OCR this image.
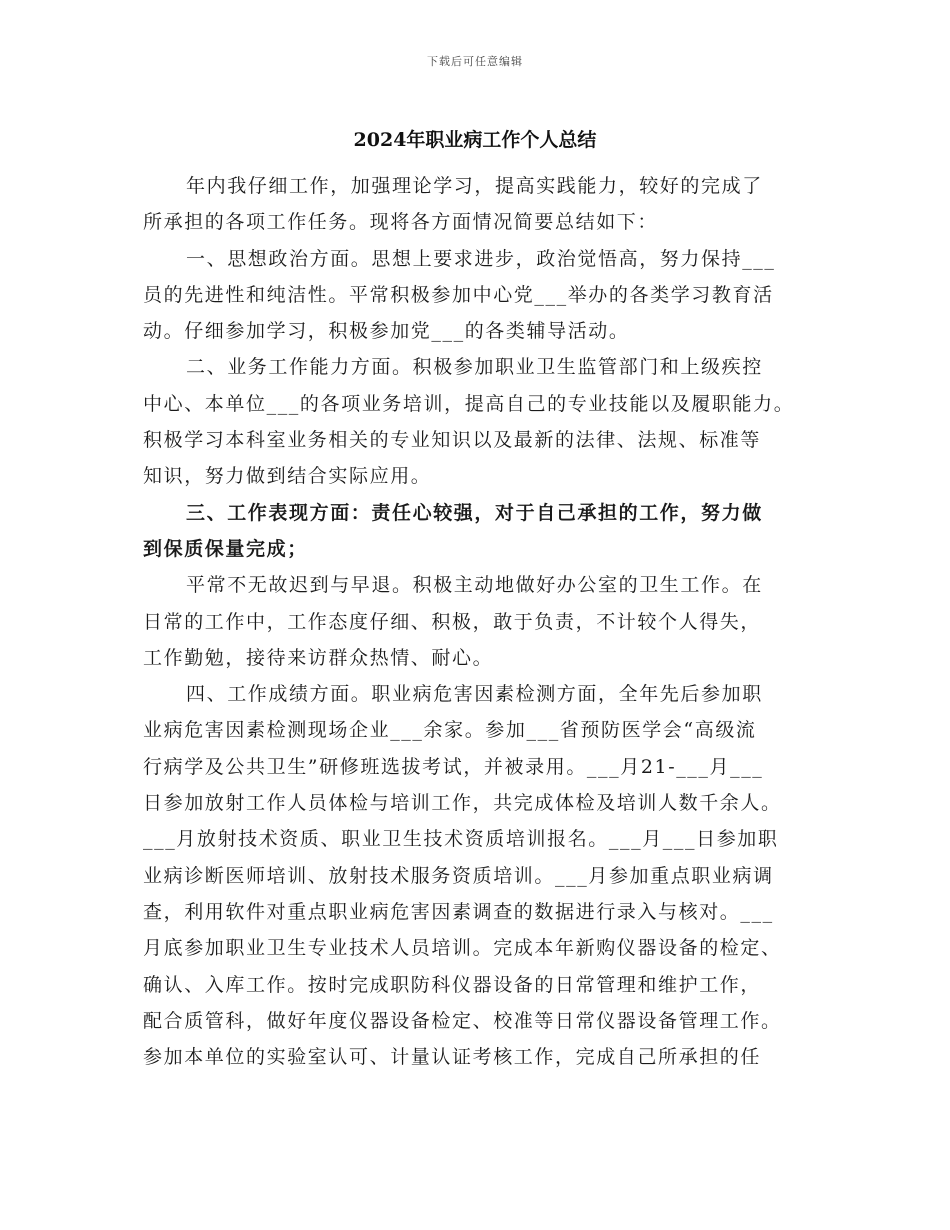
下载后可任意编辑
2024年职业病工作个人总结
年内我仔细工作，加强理论学习，提高实践能力，较好的完成了
所承担的各项工作任务。现将各方面情况简要总结如下：
一、思想政治方面。思想上要求进步，政治觉悟高，努力保持___
员的先进性和纯洁性。平常积极参加中心党___举办的各类学习教育活
动。仔细参加学习，积极参加党___的各类辅导活动。
二、业务工作能力方面。积极参加职业卫生监管部门和上级疾控
中心、本单位___的各项业务培训，提高自己的专业技能以及履职能力。
积极学习本科室业务相关的专业知识以及最新的法律、法规、标准等
知识，努力做到结合实际应用。
三、工作表现方面：责任心较强，对于自己承担的工作，努力做
到保质保量完成；
平常不无故迟到与早退。积极主动地做好办公室的卫生工作。在
日常的工作中，工作态度仔细、积极，敢于负责，不计较个人得失，
工作勤勉，接待来访群众热情、耐心。
四、工作成绩方面。职业病危害因素检测方面，全年先后参加职
业病危害因素检测现场企业___余家。参加___省预防医学会“高级流
行病学及公共卫生”研修班选拔考试，并被录用。___月21-___月___
日参加放射工作人员体检与培训工作，共完成体检及培训人数千余人。
___月放射技术资质、职业卫生技术资质培训报名。___月___日参加职
业病诊断医师培训、放射技术服务资质培训。___月参加重点职业病调
查，利用软件对重点职业病危害因素调查的数据进行录入与核对。___
月底参加职业卫生专业技术人员培训。完成本年新购仪器设备的检定、
确认、入库工作。按时完成职防科仪器设备的日常管理和维护工作，
配合质管科，做好年度仪器设备检定、校准等日常仪器设备管理工作。
参加本单位的实验室认可、计量认证考核工作，完成自己所承担的任
